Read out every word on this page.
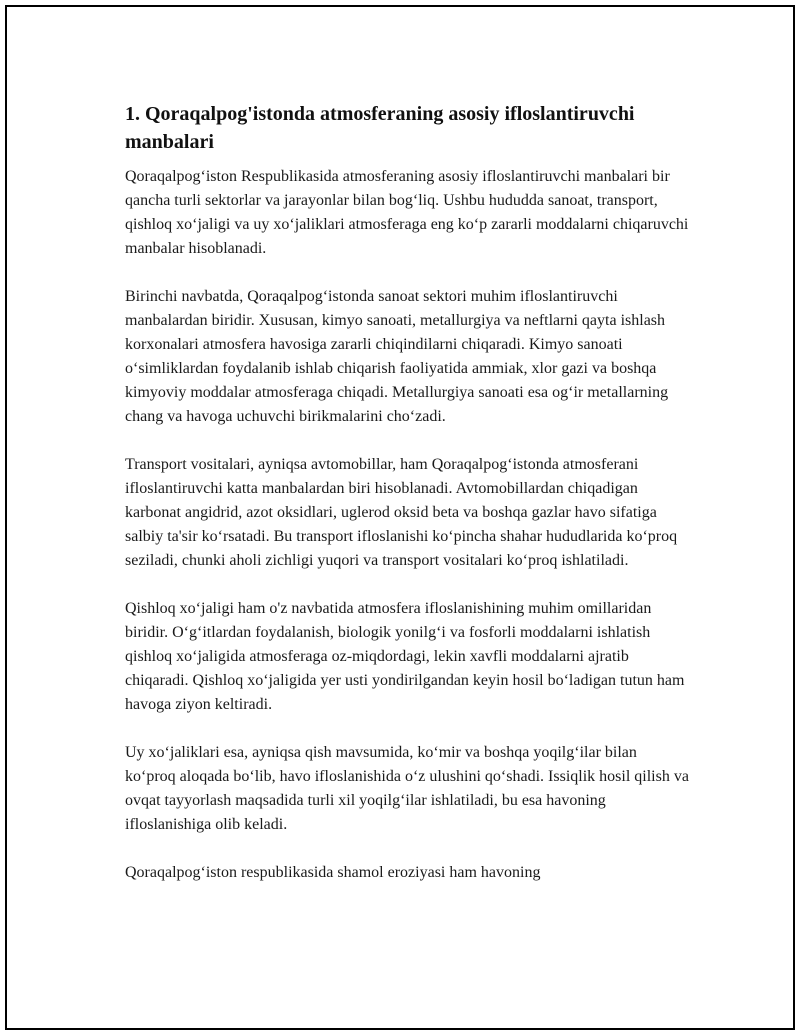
1. Qoraqalpog'istonda atmosferaning asosiy ifloslantiruvchi manbalari

Qoraqalpog‘iston Respublikasida atmosferaning asosiy ifloslantiruvchi manbalari bir qancha turli sektorlar va jarayonlar bilan bog‘liq. Ushbu hududda sanoat, transport, qishloq xo‘jaligi va uy xo‘jaliklari atmosferaga eng ko‘p zararli moddalarni chiqaruvchi manbalar hisoblanadi.

Birinchi navbatda, Qoraqalpog‘istonda sanoat sektori muhim ifloslantiruvchi manbalardan biridir. Xususan, kimyo sanoati, metallurgiya va neftlarni qayta ishlash korxonalari atmosfera havosiga zararli chiqindilarni chiqaradi. Kimyo sanoati o‘simliklardan foydalanib ishlab chiqarish faoliyatida ammiak, xlor gazi va boshqa kimyoviy moddalar atmosferaga chiqadi. Metallurgiya sanoati esa og‘ir metallarning chang va havoga uchuvchi birikmalarini cho‘zadi.

Transport vositalari, ayniqsa avtomobillar, ham Qoraqalpog‘istonda atmosferani ifloslantiruvchi katta manbalardan biri hisoblanadi. Avtomobillardan chiqadigan karbonat angidrid, azot oksidlari, uglerod oksid beta va boshqa gazlar havo sifatiga salbiy ta'sir ko‘rsatadi. Bu transport ifloslanishi ko‘pincha shahar hududlarida ko‘proq seziladi, chunki aholi zichligi yuqori va transport vositalari ko‘proq ishlatiladi.

Qishloq xo‘jaligi ham o'z navbatida atmosfera ifloslanishining muhim omillaridan biridir. O‘g‘itlardan foydalanish, biologik yonilg‘i va fosforli moddalarni ishlatish qishloq xo‘jaligida atmosferaga oz-miqdordagi, lekin xavfli moddalarni ajratib chiqaradi. Qishloq xo‘jaligida yer usti yondirilgandan keyin hosil bo‘ladigan tutun ham havoga ziyon keltiradi.

Uy xo‘jaliklari esa, ayniqsa qish mavsumida, ko‘mir va boshqa yoqilg‘ilar bilan ko‘proq aloqada bo‘lib, havo ifloslanishida o‘z ulushini qo‘shadi. Issiqlik hosil qilish va ovqat tayyorlash maqsadida turli xil yoqilg‘ilar ishlatiladi, bu esa havoning ifloslanishiga olib keladi.

Qoraqalpog‘iston respublikasida shamol eroziyasi ham havoning
